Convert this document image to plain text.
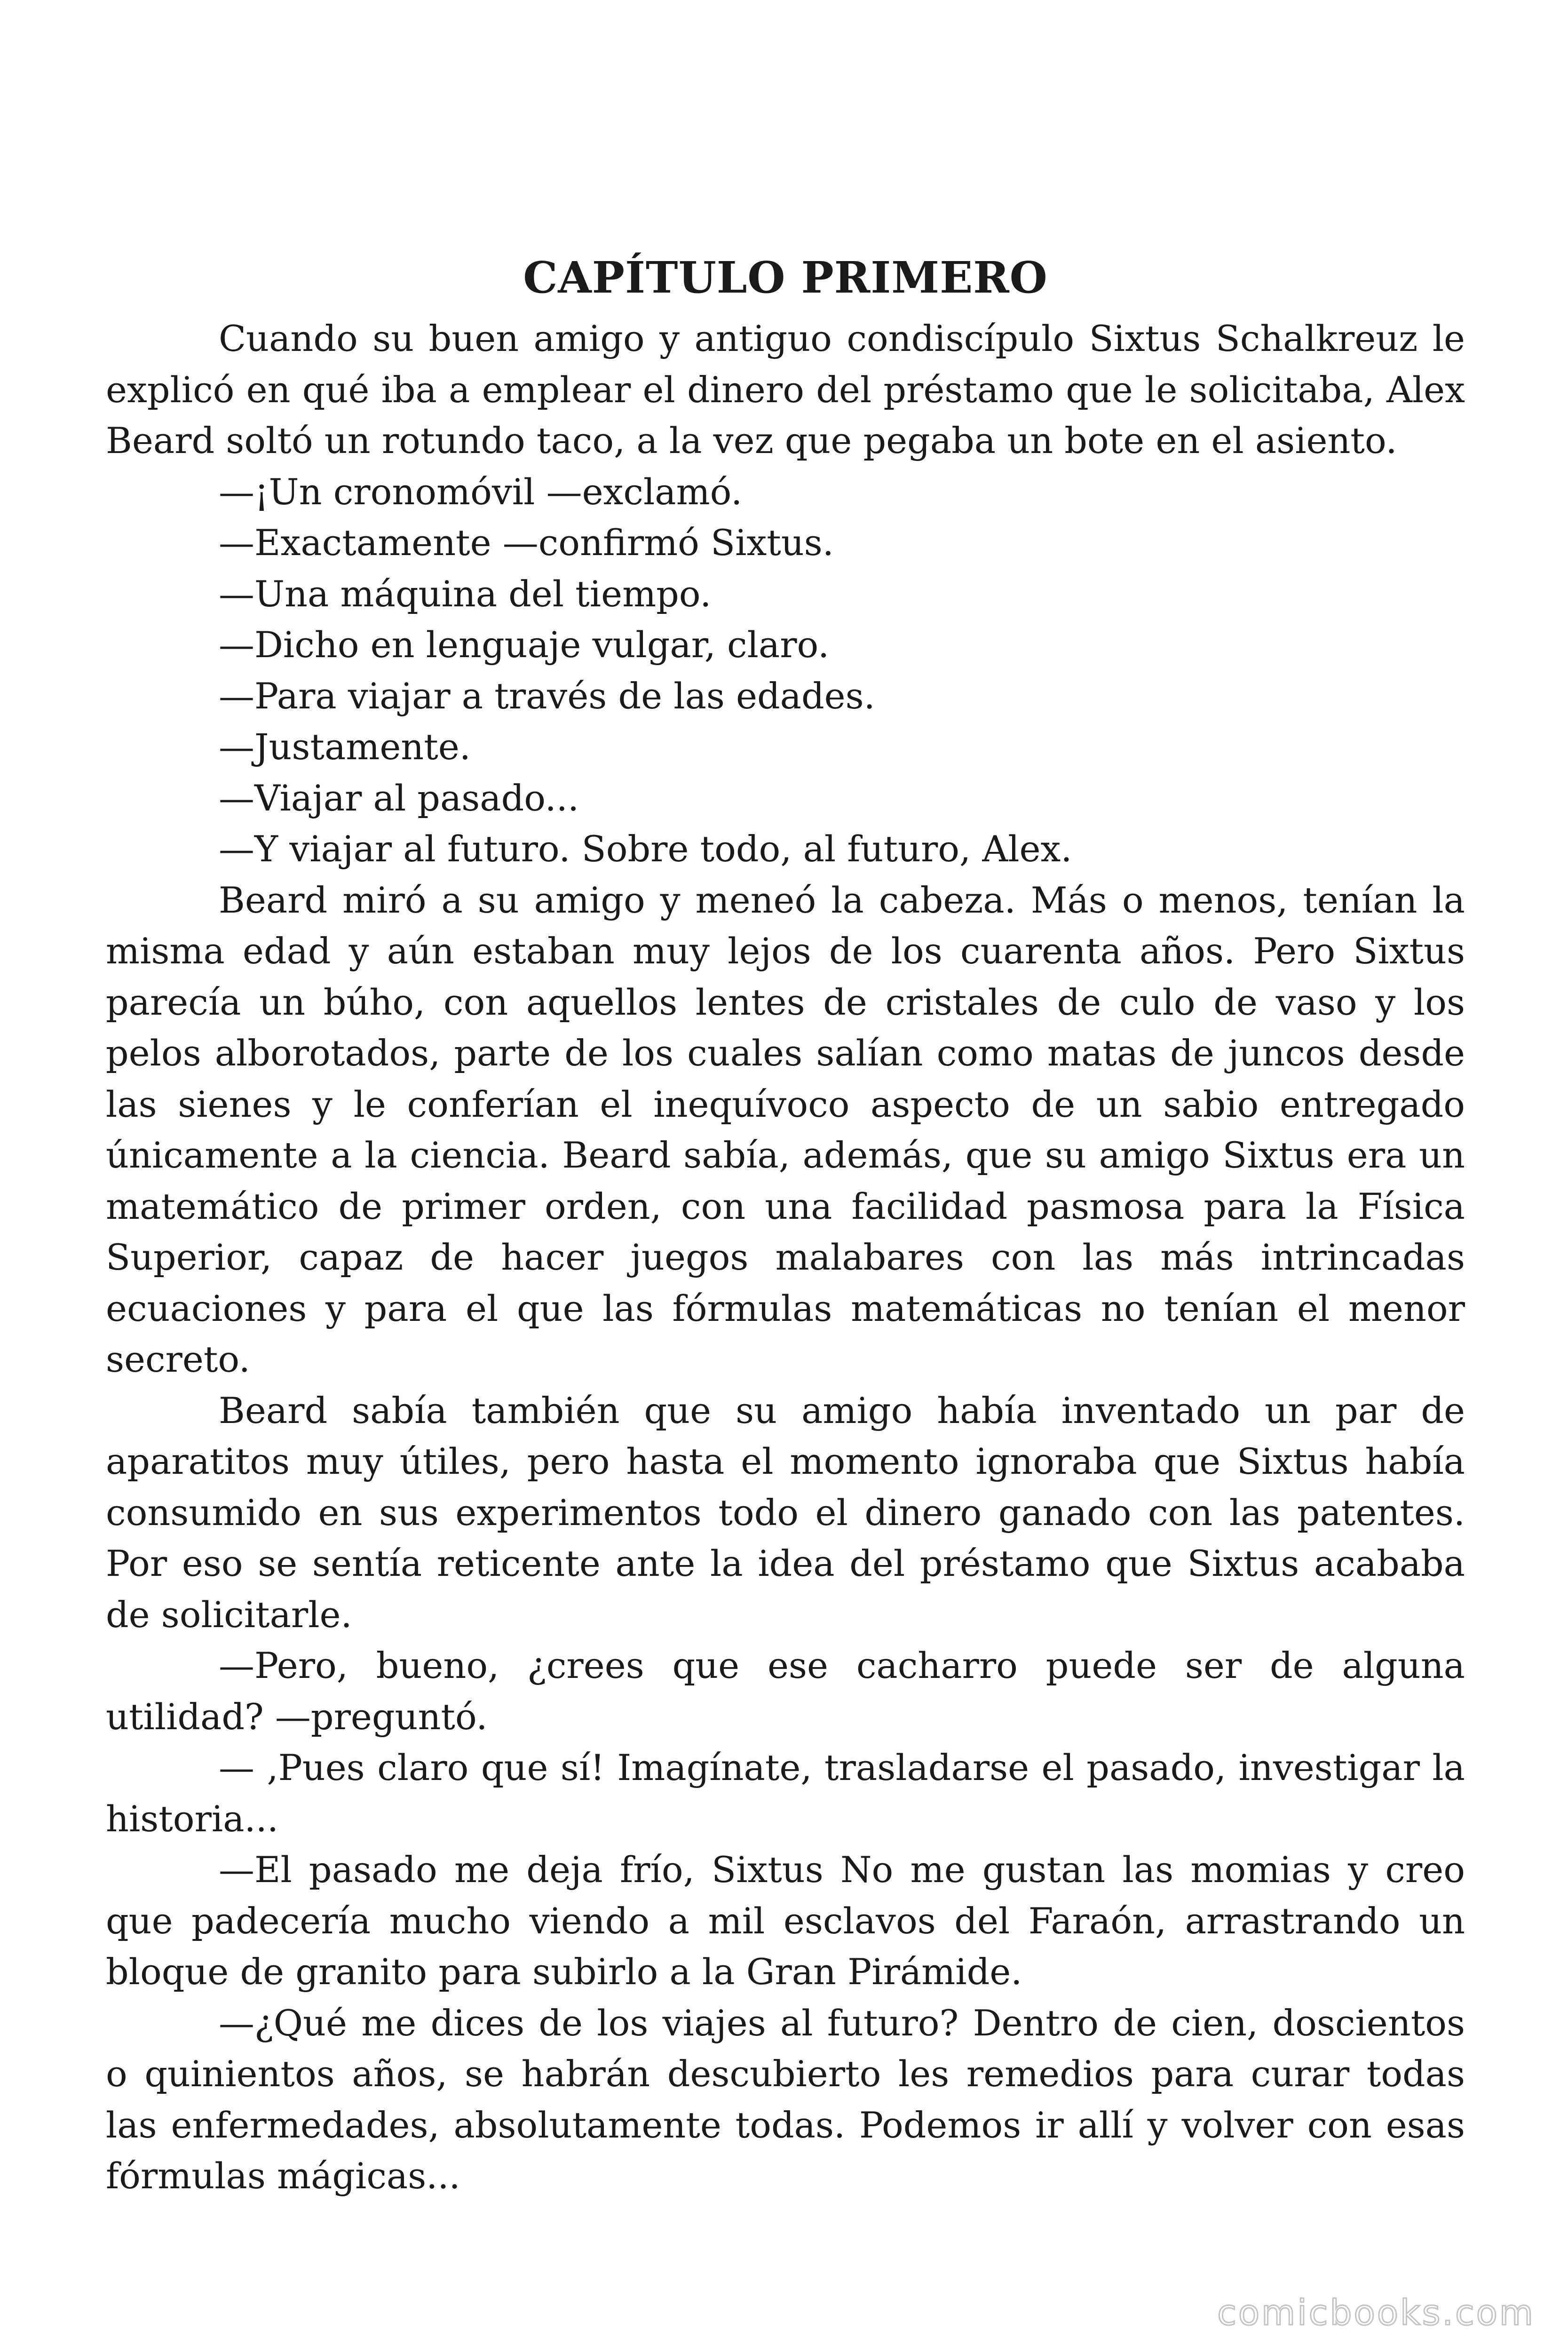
CAPÍTULO PRIMERO

Cuando su buen amigo y antiguo condiscípulo Sixtus Schalkreuz le explicó en qué iba a emplear el dinero del préstamo que le solicitaba, Alex Beard soltó un rotundo taco, a la vez que pegaba un bote en el asiento.

—¡Un cronomóvil —exclamó.

—Exactamente —confirmó Sixtus.

—Una máquina del tiempo.

—Dicho en lenguaje vulgar, claro.

—Para viajar a través de las edades.

—Justamente.

—Viajar al pasado...

—Y viajar al futuro. Sobre todo, al futuro, Alex.

Beard miró a su amigo y meneó la cabeza. Más o menos, tenían la misma edad y aún estaban muy lejos de los cuarenta años. Pero Sixtus parecía un búho, con aquellos lentes de cristales de culo de vaso y los pelos alborotados, parte de los cuales salían como matas de juncos desde las sienes y le conferían el inequívoco aspecto de un sabio entregado únicamente a la ciencia. Beard sabía, además, que su amigo Sixtus era un matemático de primer orden, con una facilidad pasmosa para la Física Superior, capaz de hacer juegos malabares con las más intrincadas ecuaciones y para el que las fórmulas matemáticas no tenían el menor secreto.

Beard sabía también que su amigo había inventado un par de aparatitos muy útiles, pero hasta el momento ignoraba que Sixtus había consumido en sus experimentos todo el dinero ganado con las patentes. Por eso se sentía reticente ante la idea del préstamo que Sixtus acababa de solicitarle.

—Pero, bueno, ¿crees que ese cacharro puede ser de alguna utilidad? —preguntó.

— ,Pues claro que sí! Imagínate, trasladarse el pasado, investigar la historia...

—El pasado me deja frío, Sixtus No me gustan las momias y creo que padecería mucho viendo a mil esclavos del Faraón, arrastrando un bloque de granito para subirlo a la Gran Pirámide.

—¿Qué me dices de los viajes al futuro? Dentro de cien, doscientos o quinientos años, se habrán descubierto les remedios para curar todas las enfermedades, absolutamente todas. Podemos ir allí y volver con esas fórmulas mágicas...

comicbooks.com
